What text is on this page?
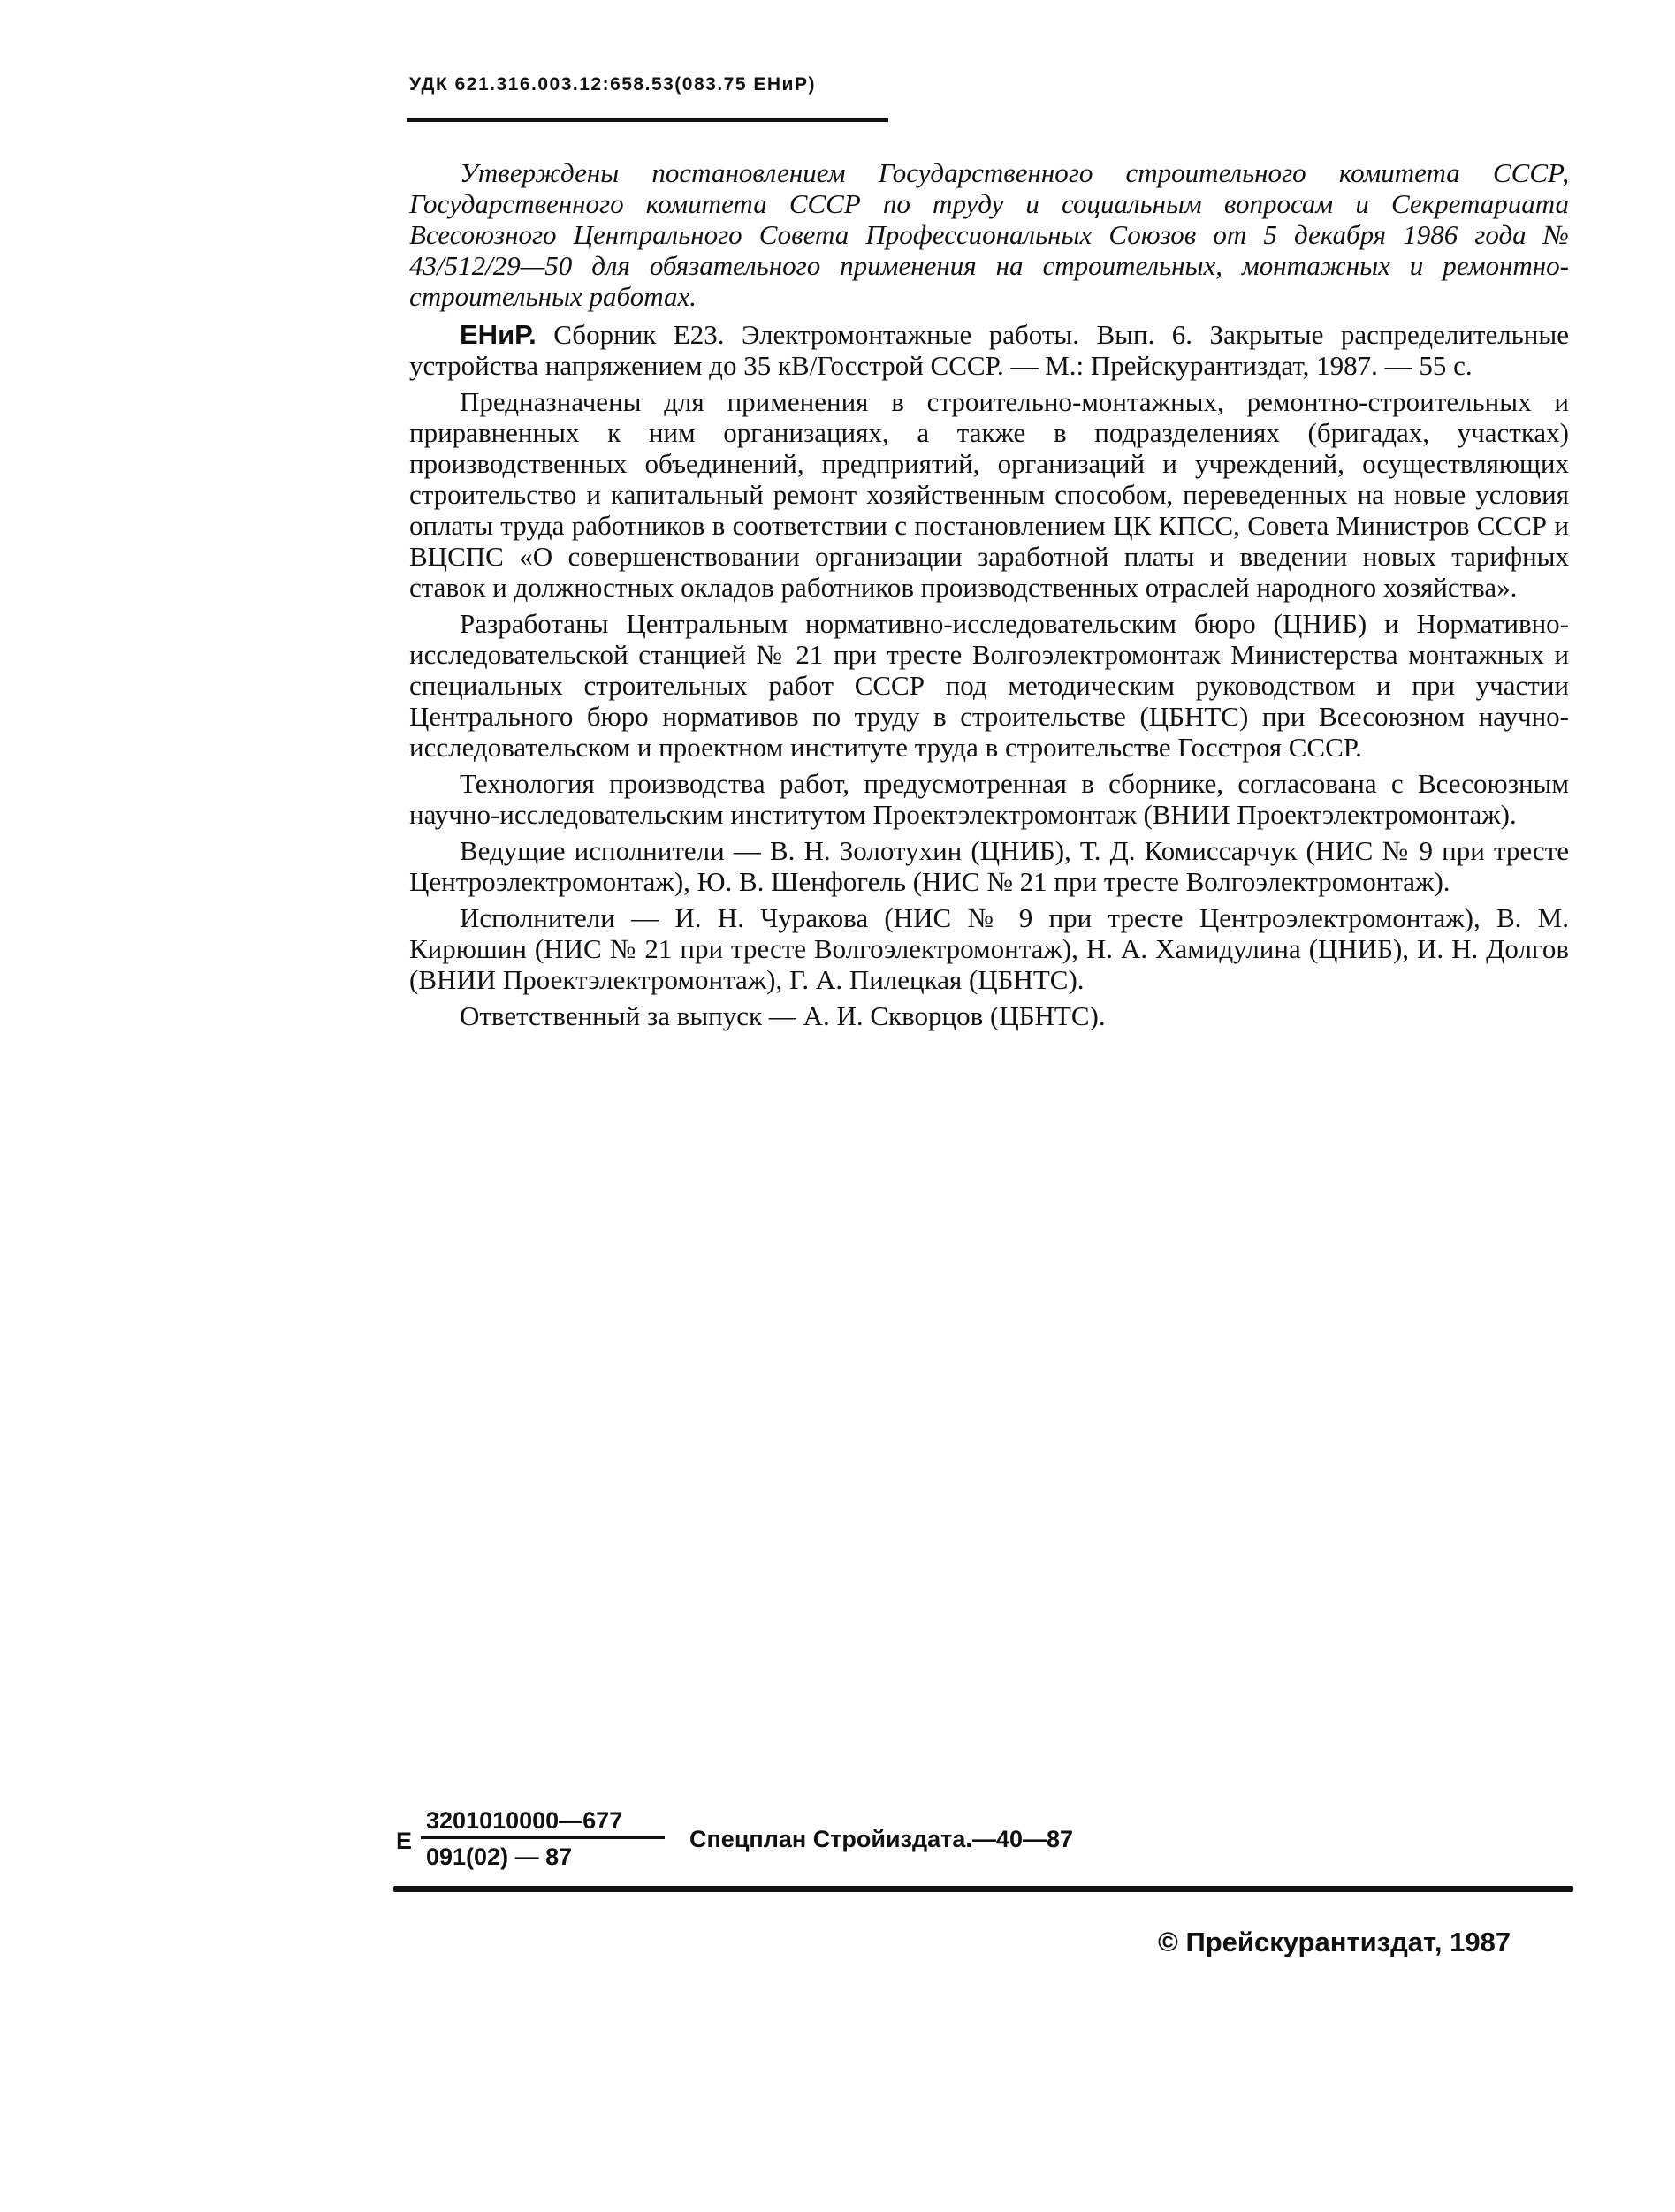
УДК 621.316.003.12:658.53(083.75 ЕНиР)

Утверждены постановлением Государственного строительного комитета СССР, Государственного комитета СССР по труду и социальным вопросам и Секретариата Всесоюзного Центрального Совета Профессиональных Союзов от 5 декабря 1986 года № 43/512/29—50 для обязательного применения на строительных, монтажных и ремонтно-строительных работах.

ЕНиР. Сборник Е23. Электромонтажные работы. Вып. 6. Закрытые распределительные устройства напряжением до 35 кВ/Госстрой СССР. — М.: Прейскурантиздат, 1987. — 55 с.

Предназначены для применения в строительно-монтажных, ремонтно-строительных и приравненных к ним организациях, а также в подразделениях (бригадах, участках) производственных объединений, предприятий, организаций и учреждений, осуществляющих строительство и капитальный ремонт хозяйственным способом, переведенных на новые условия оплаты труда работников в соответствии с постановлением ЦК КПСС, Совета Министров СССР и ВЦСПС «О совершенствовании организации заработной платы и введении новых тарифных ставок и должностных окладов работников производственных отраслей народного хозяйства».

Разработаны Центральным нормативно-исследовательским бюро (ЦНИБ) и Нормативно-исследовательской станцией № 21 при тресте Волгоэлектромонтаж Министерства монтажных и специальных строительных работ СССР под методическим руководством и при участии Центрального бюро нормативов по труду в строительстве (ЦБНТС) при Всесоюзном научно-исследовательском и проектном институте труда в строительстве Госстроя СССР.

Технология производства работ, предусмотренная в сборнике, согласована с Всесоюзным научно-исследовательским институтом Проектэлектромонтаж (ВНИИ Проектэлектромонтаж).

Ведущие исполнители — В. Н. Золотухин (ЦНИБ), Т. Д. Комиссарчук (НИС № 9 при тресте Центроэлектромонтаж), Ю. В. Шенфогель (НИС № 21 при тресте Волгоэлектромонтаж).

Исполнители — И. Н. Чуракова (НИС № 9 при тресте Центроэлектромонтаж), В. М. Кирюшин (НИС № 21 при тресте Волгоэлектромонтаж), Н. А. Хамидулина (ЦНИБ), И. Н. Долгов (ВНИИ Проектэлектромонтаж), Г. А. Пилецкая (ЦБНТС).

Ответственный за выпуск — А. И. Скворцов (ЦБНТС).

Е $\frac{3201010000—677}{091(02) — 87}$ Спецплан Стройиздата.—40—87
© Прейскурантиздат, 1987
